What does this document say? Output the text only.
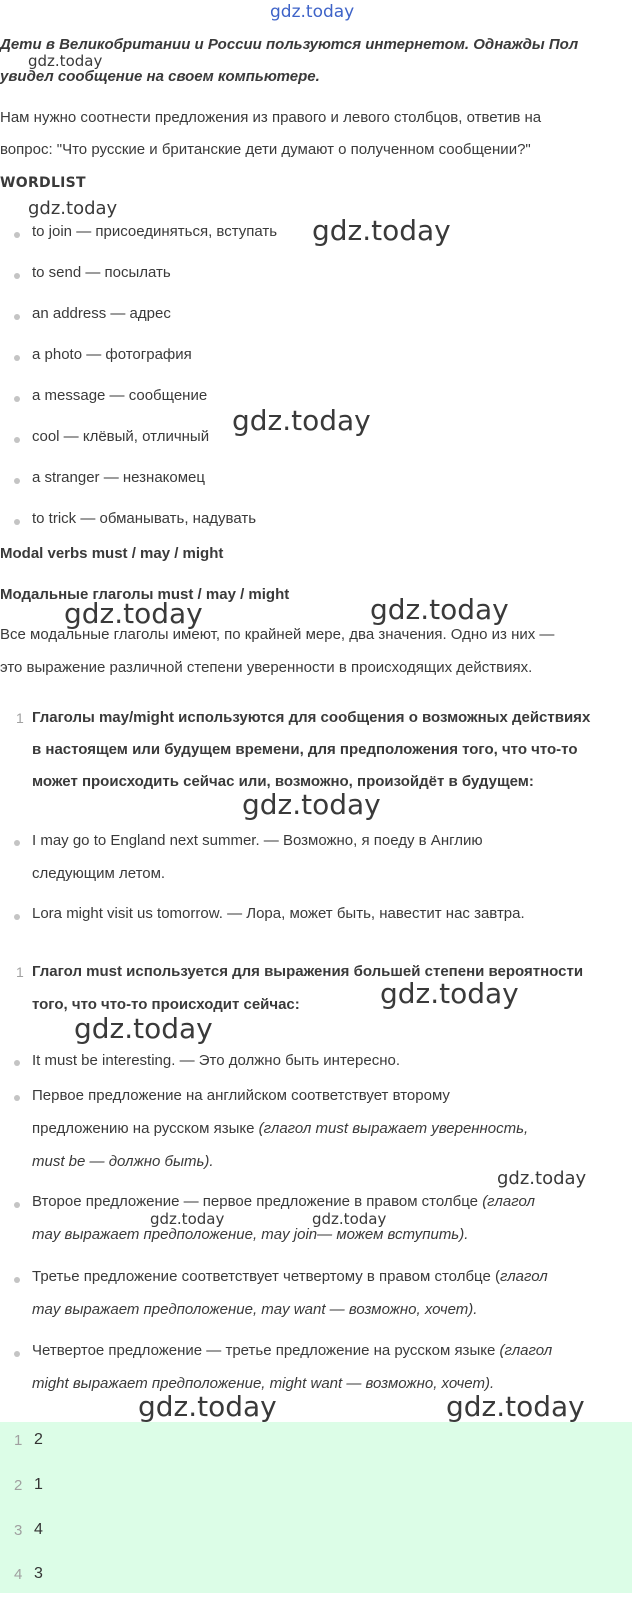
gdz.today
Дети в Великобритании и России пользуются интернетом. Однажды Пол
gdz.today
увидел сообщение на своем компьютере.
Нам нужно соотнести предложения из правого и левого столбцов, ответив на
вопрос: "Что русские и британские дети думают о полученном сообщении?"
WORDLIST
gdz.today
to join — присоединяться, вступать gdz.today
to send — посылать
an address — адрес
a photo — фотография
a message — сообщение
cool — клёвый, отличный gdz.today
a stranger — незнакомец
to trick — обманывать, надувать
Modal verbs must / may / might
Модальные глаголы must / may / might
gdz.today	gdz.today
Все модальные глаголы имеют, по крайней мере, два значения. Одно из них —
это выражение различной степени уверенности в происходящих действиях.
1 Глаголы may/might используются для сообщения о возможных действиях
в настоящем или будущем времени, для предположения того, что что-то
может происходить сейчас или, возможно, произойдёт в будущем:
gdz.today
I may go to England next summer. — Возможно, я поеду в Англию
следующим летом.
Lora might visit us tomorrow. — Лора, может быть, навестит нас завтра.
1 Глагол must используется для выражения большей степени вероятности
того, что что-то происходит сейчас:	gdz.today
gdz.today
It must be interesting. — Это должно быть интересно.
Первое предложение на английском соответствует второму
предложению на русском языке (глагол must выражает уверенность,
must be — должно быть).
gdz.today
Второе предложение — первое предложение в правом столбце (глагол
gdz.today	gdz.today
may выражает предположение, may join— можем вступить).
Третье предложение соответствует четвертому в правом столбце (глагол
may выражает предположение, may want — возможно, хочет).
Четвертое предложение — третье предложение на русском языке (глагол
might выражает предположение, might want — возможно, хочет).
1 2
2 1
3 4
4 3
gdz.today	gdz.today
